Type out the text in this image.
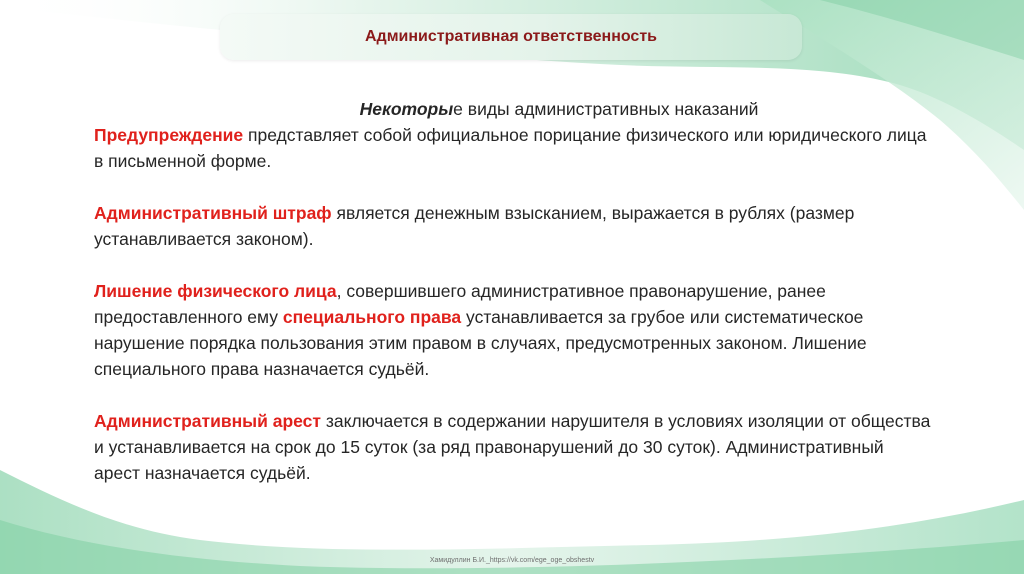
Административная ответственность
Некоторые виды административных наказаний

Предупреждение представляет собой официальное порицание физического или юридического лица в письменной форме.

Административный штраф является денежным взысканием, выражается в рублях (размер устанавливается законом).

Лишение физического лица, совершившего административное правонарушение, ранее предоставленного ему специального права устанавливается за грубое или систематическое нарушение порядка пользования этим правом в случаях, предусмотренных законом. Лишение специального права назначается судьёй.

Административный арест заключается в содержании нарушителя в условиях изоляции от общества и устанавливается на срок до 15 суток (за ряд правонарушений до 30 суток). Административный арест назначается судьёй.

Хамидуллин Б.И._https://vk.com/ege_oge_obshestv
